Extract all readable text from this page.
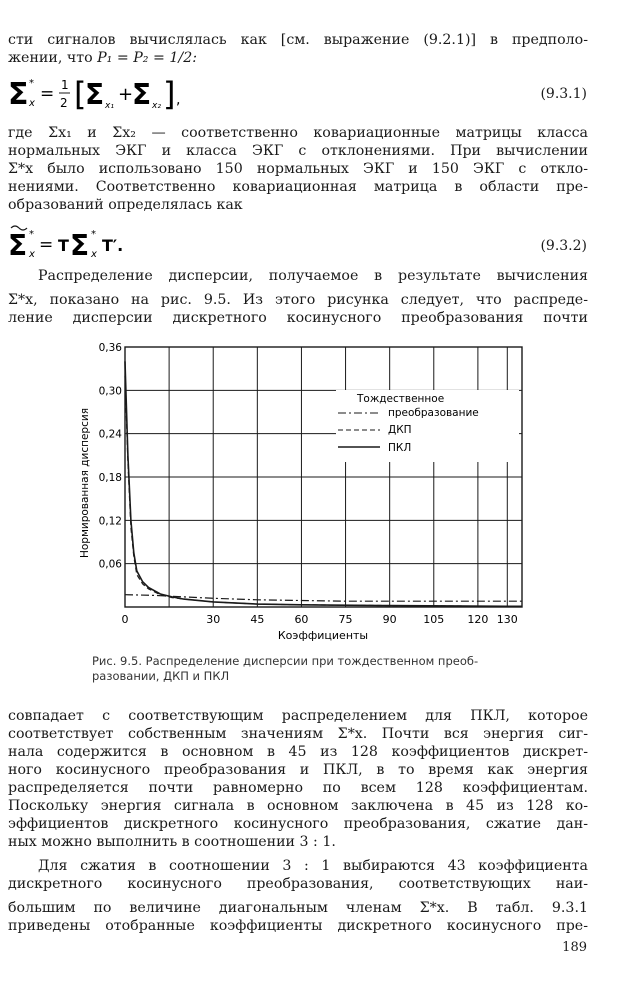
сти сигналов вычислялась как [см. выражение (9.2.1)] в предполо-
жении, что P₁ = P₂ = 1/2:
Σ *
x = 1
2 [
Σ x₁
+
Σ x₂ ] ,	(9.3.1)
где Σx₁ и Σx₂ — соответственно ковариационные матрицы класса
нормальных ЭКГ и класса ЭКГ с отклонениями. При вычислении
Σ*x было использовано 150 нормальных ЭКГ и 150 ЭКГ с откло-
нениями. Соответственно ковариационная матрица в области пре-
образований определялась как
Σ *
x = T Σ *
x T′.	(9.3.2)
Распределение дисперсии, получаемое в результате вычисления
Σ*x, показано на рис. 9.5. Из этого рисунка следует, что распреде-
ление дисперсии дискретного косинусного преобразования почти
0	30	45	60	75	90 105 120 130
0,06
0,12
0,18
0,24
0,30
0,36
Нормированная дисперсия
Коэффициенты
Тождественное
преобразование
ДКП
ПКЛ
Рис. 9.5. Распределение дисперсии при тождественном преоб-
разовании, ДКП и ПКЛ
совпадает с соответствующим распределением для ПКЛ, которое
соответствует собственным значениям Σ*x. Почти вся энергия сиг-
нала содержится в основном в 45 из 128 коэффициентов дискрет-
ного косинусного преобразования и ПКЛ, в то время как энергия
распределяется почти равномерно по всем 128 коэффициентам.
Поскольку энергия сигнала в основном заключена в 45 из 128 ко-
эффициентов дискретного косинусного преобразования, сжатие дан-
ных можно выполнить в соотношении 3 : 1.
Для сжатия в соотношении 3 : 1 выбираются 43 коэффициента
дискретного косинусного преобразования, соответствующих наи-
большим по величине диагональным членам Σ*x. В табл. 9.3.1
приведены отобранные коэффициенты дискретного косинусного пре-
189
